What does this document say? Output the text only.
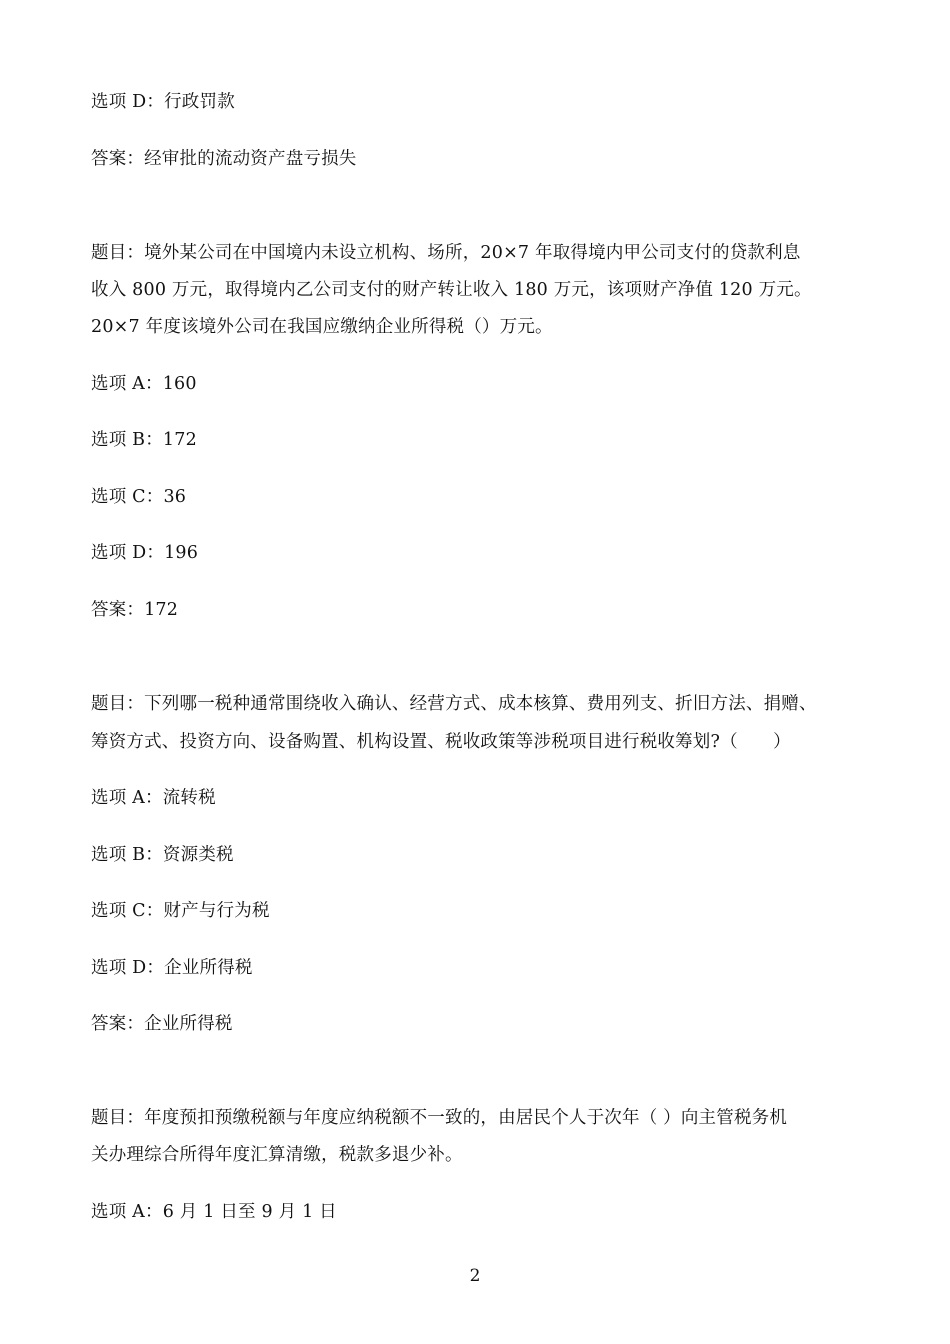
选项 D：行政罚款
答案：经审批的流动资产盘亏损失
题目：境外某公司在中国境内未设立机构、场所，20×7 年取得境内甲公司支付的贷款利息
收入 800 万元，取得境内乙公司支付的财产转让收入 180 万元，该项财产净值 120 万元。
20×7 年度该境外公司在我国应缴纳企业所得税（）万元。
选项 A：160
选项 B：172
选项 C：36
选项 D：196
答案：172
题目：下列哪一税种通常围绕收入确认、经营方式、成本核算、费用列支、折旧方法、捐赠、
筹资方式、投资方向、设备购置、机构设置、税收政策等涉税项目进行税收筹划?（　　）
选项 A：流转税
选项 B：资源类税
选项 C：财产与行为税
选项 D：企业所得税
答案：企业所得税
题目：年度预扣预缴税额与年度应纳税额不一致的，由居民个人于次年（ ）向主管税务机
关办理综合所得年度汇算清缴，税款多退少补。
选项 A：6 月 1 日至 9 月 1 日
2
